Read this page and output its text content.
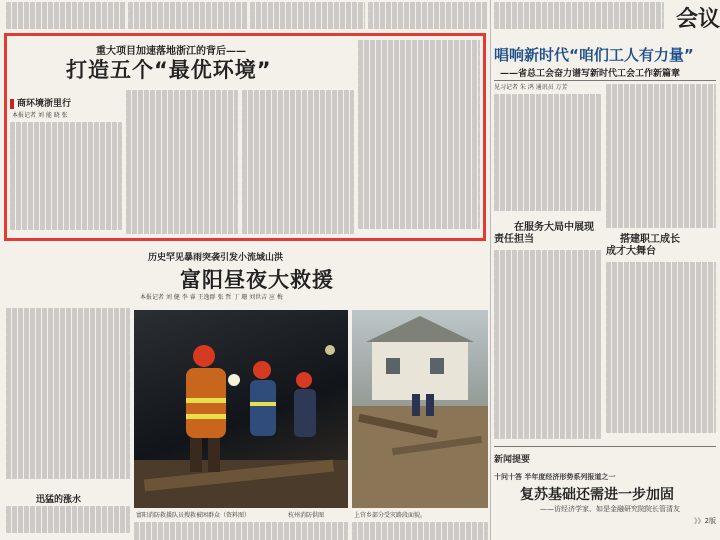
重大项目加速落地浙江的背后——
打造五个“最优环境”
商环境浙里行
本报记者 刘 能 晓 张
会议
唱响新时代“咱们工人有力量”
——省总工会奋力谱写新时代工会工作新篇章
见习记者 朱 鸿 通讯员 万芳
在服务大局中展现
责任担当	搭建职工成长
成才大舞台
新闻提要
十问十答 半年度经济形势系列报道之一
复苏基础还需进一步加固
——访经济学家、如是金融研究院院长管清友
》》2版
历史罕见暴雨突袭引发小流域山洪
富阳昼夜大救援
本报记者 刘 健 李 睿 王逸群 张 哲 丁 珊 刘世吉 应 梅
迅猛的涨水
富阳消防救援队员搜救被困群众（资料图）	杭州消防供图	上官乡部分受灾路段面貌。
